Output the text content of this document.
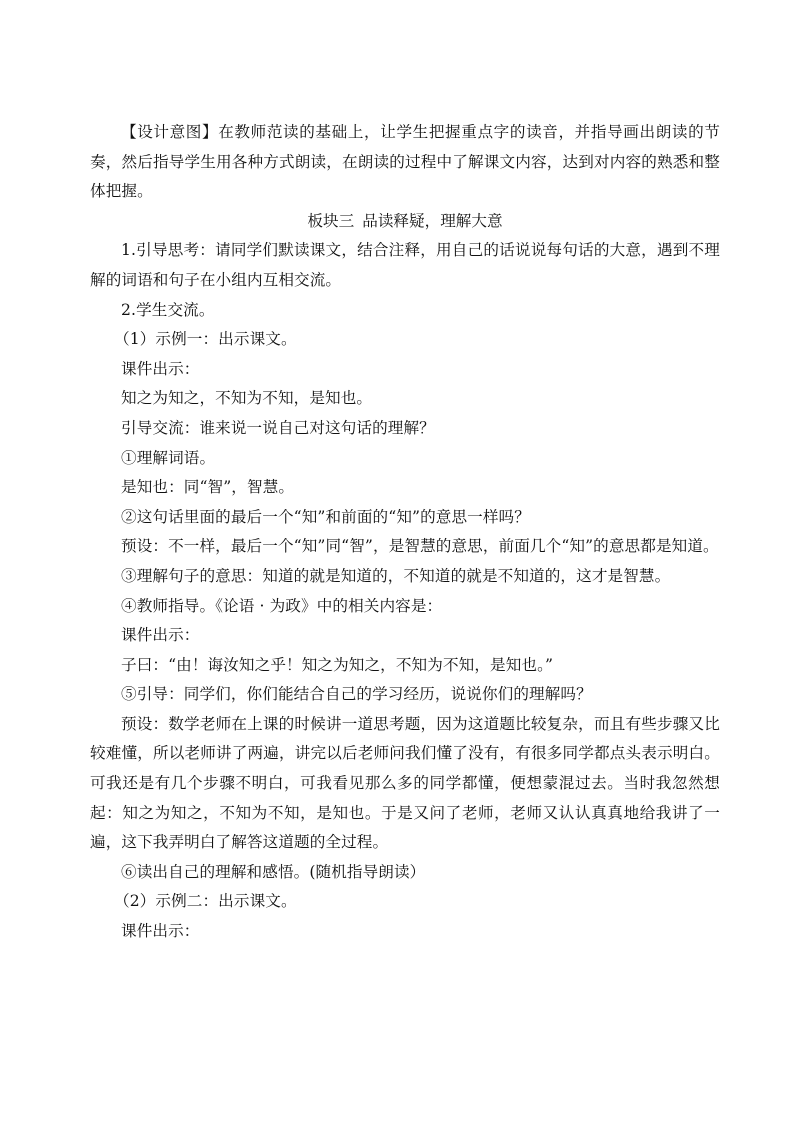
【设计意图】在教师范读的基础上，让学生把握重点字的读音，并指导画出朗读的节奏，然后指导学生用各种方式朗读，在朗读的过程中了解课文内容，达到对内容的熟悉和整体把握。

板块三 品读释疑，理解大意

1.引导思考：请同学们默读课文，结合注释，用自己的话说说每句话的大意，遇到不理解的词语和句子在小组内互相交流。

2.学生交流。

（1）示例一：出示课文。

课件出示：

知之为知之，不知为不知，是知也。

引导交流：谁来说一说自己对这句话的理解？

①理解词语。

是知也：同“智”，智慧。

②这句话里面的最后一个“知”和前面的“知”的意思一样吗？

预设：不一样，最后一个“知”同“智”，是智慧的意思，前面几个“知”的意思都是知道。

③理解句子的意思：知道的就是知道的，不知道的就是不知道的，这才是智慧。

④教师指导。《论语 · 为政》中的相关内容是：

课件出示：

子曰：“由！诲汝知之乎！知之为知之，不知为不知，是知也。”

⑤引导：同学们，你们能结合自己的学习经历，说说你们的理解吗？

预设：数学老师在上课的时候讲一道思考题，因为这道题比较复杂，而且有些步骤又比较难懂，所以老师讲了两遍，讲完以后老师问我们懂了没有，有很多同学都点头表示明白。可我还是有几个步骤不明白，可我看见那么多的同学都懂，便想蒙混过去。当时我忽然想起：知之为知之，不知为不知，是知也。于是又问了老师，老师又认认真真地给我讲了一遍，这下我弄明白了解答这道题的全过程。

⑥读出自己的理解和感悟。(随机指导朗读）

（2）示例二：出示课文。

课件出示：
